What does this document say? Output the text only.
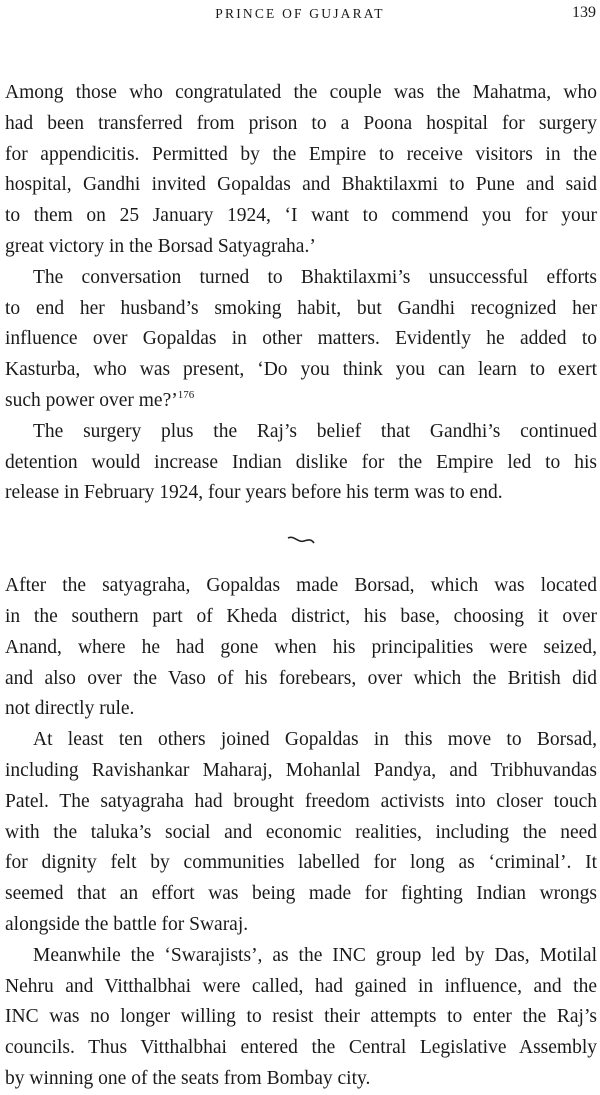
PRINCE OF GUJARAT	139
Among those who congratulated the couple was the Mahatma, who
had been transferred from prison to a Poona hospital for surgery
for appendicitis. Permitted by the Empire to receive visitors in the
hospital, Gandhi invited Gopaldas and Bhaktilaxmi to Pune and said
to them on 25 January 1924, ‘I want to commend you for your
great victory in the Borsad Satyagraha.’
The conversation turned to Bhaktilaxmi’s unsuccessful efforts
to end her husband’s smoking habit, but Gandhi recognized her
influence over Gopaldas in other matters. Evidently he added to
Kasturba, who was present, ‘Do you think you can learn to exert
such power over me?’$^{176}$
The surgery plus the Raj’s belief that Gandhi’s continued
detention would increase Indian dislike for the Empire led to his
release in February 1924, four years before his term was to end.
After the satyagraha, Gopaldas made Borsad, which was located
in the southern part of Kheda district, his base, choosing it over
Anand, where he had gone when his principalities were seized,
and also over the Vaso of his forebears, over which the British did
not directly rule.
At least ten others joined Gopaldas in this move to Borsad,
including Ravishankar Maharaj, Mohanlal Pandya, and Tribhuvandas
Patel. The satyagraha had brought freedom activists into closer touch
with the taluka’s social and economic realities, including the need
for dignity felt by communities labelled for long as ‘criminal’. It
seemed that an effort was being made for fighting Indian wrongs
alongside the battle for Swaraj.
Meanwhile the ‘Swarajists’, as the INC group led by Das, Motilal
Nehru and Vitthalbhai were called, had gained in influence, and the
INC was no longer willing to resist their attempts to enter the Raj’s
councils. Thus Vitthalbhai entered the Central Legislative Assembly
by winning one of the seats from Bombay city.
